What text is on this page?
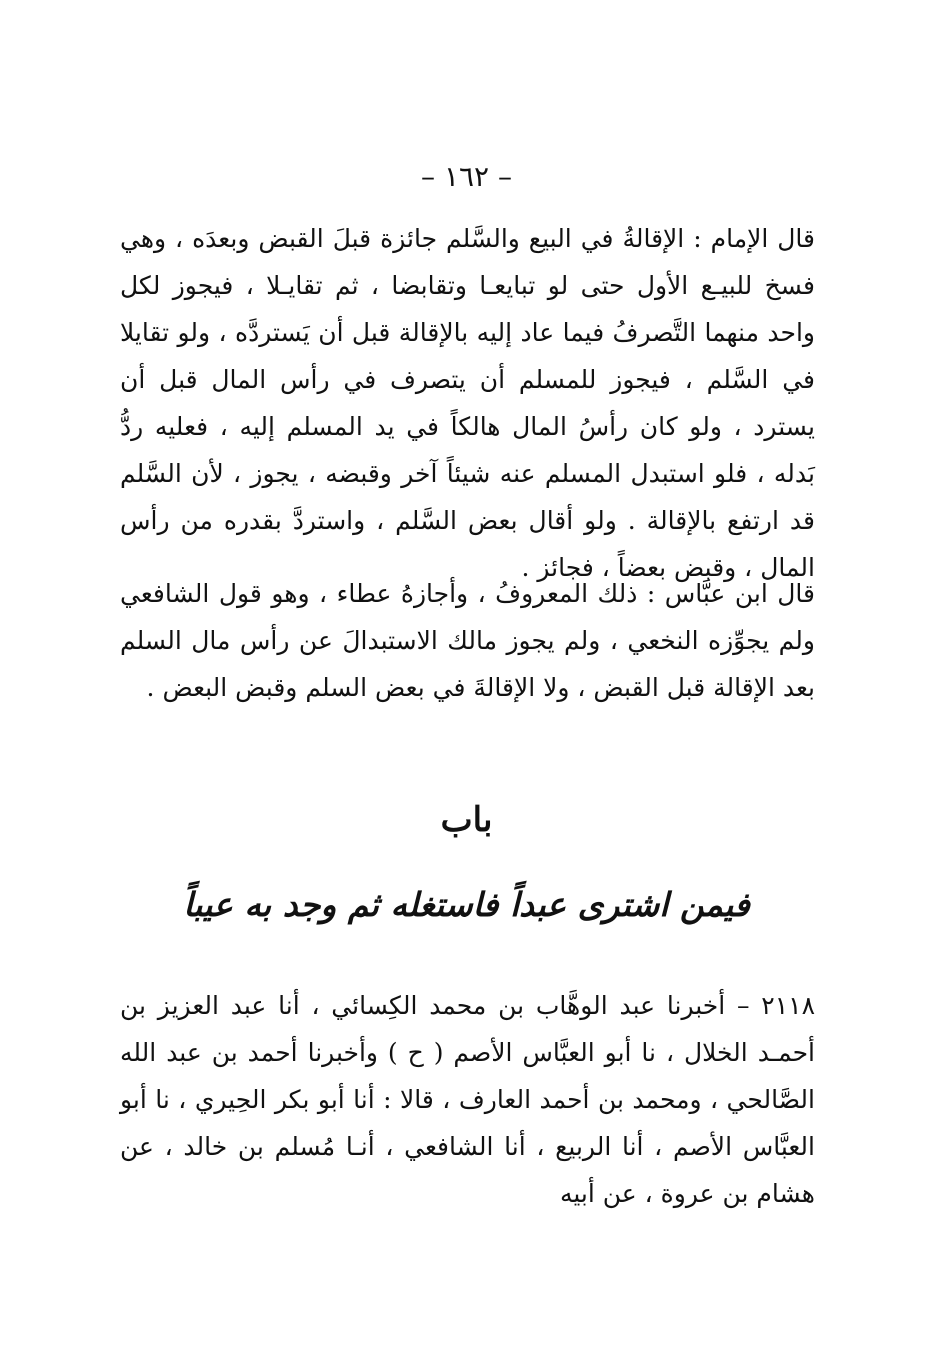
– ١٦٢ –

قال الإمام : الإقالةُ في البيع والسَّلم جائزة قبلَ القبض وبعدَه ، وهي فسخ للبيـع الأول حتى لو تبايعـا وتقابضا ، ثم تقايـلا ، فيجوز لكل واحد منهما التَّصرفُ فيما عاد إليه بالإقالة قبل أن يَستردَّه ، ولو تقايلا في السَّلم ، فيجوز للمسلم أن يتصرف في رأس المال قبل أن يسترد ، ولو كان رأسُ المال هالكاً في يد المسلم إليه ، فعليه ردُّ بَدله ، فلو استبدل المسلم عنه شيئاً آخر وقبضه ، يجوز ، لأن السَّلم قد ارتفع بالإقالة . ولو أقال بعض السَّلم ، واستردَّ بقدره من رأس المال ، وقبض بعضاً ، فجائز .

قال ابن عبَّاس : ذلك المعروفُ ، وأجازهُ عطاء ، وهو قول الشافعي ولم يجوِّزه النخعي ، ولم يجوز مالك الاستبدالَ عن رأس مال السلم بعد الإقالة قبل القبض ، ولا الإقالةَ في بعض السلم وقبض البعض .

باب
فيمن اشترى عبداً فاستغله ثم وجد به عيباً

٢١١٨ – أخبرنا عبد الوهَّاب بن محمد الكِسائي ، أنا عبد العزيز بن أحمـد الخلال ، نا أبو العبَّاس الأصم ( ح ) وأخبرنا أحمد بن عبد الله الصَّالحي ، ومحمد بن أحمد العارف ، قالا : أنا أبو بكر الحِيري ، نا أبو العبَّاس الأصم ، أنا الربيع ، أنا الشافعي ، أنـا مُسلم بن خالد ، عن هشام بن عروة ، عن أبيه
